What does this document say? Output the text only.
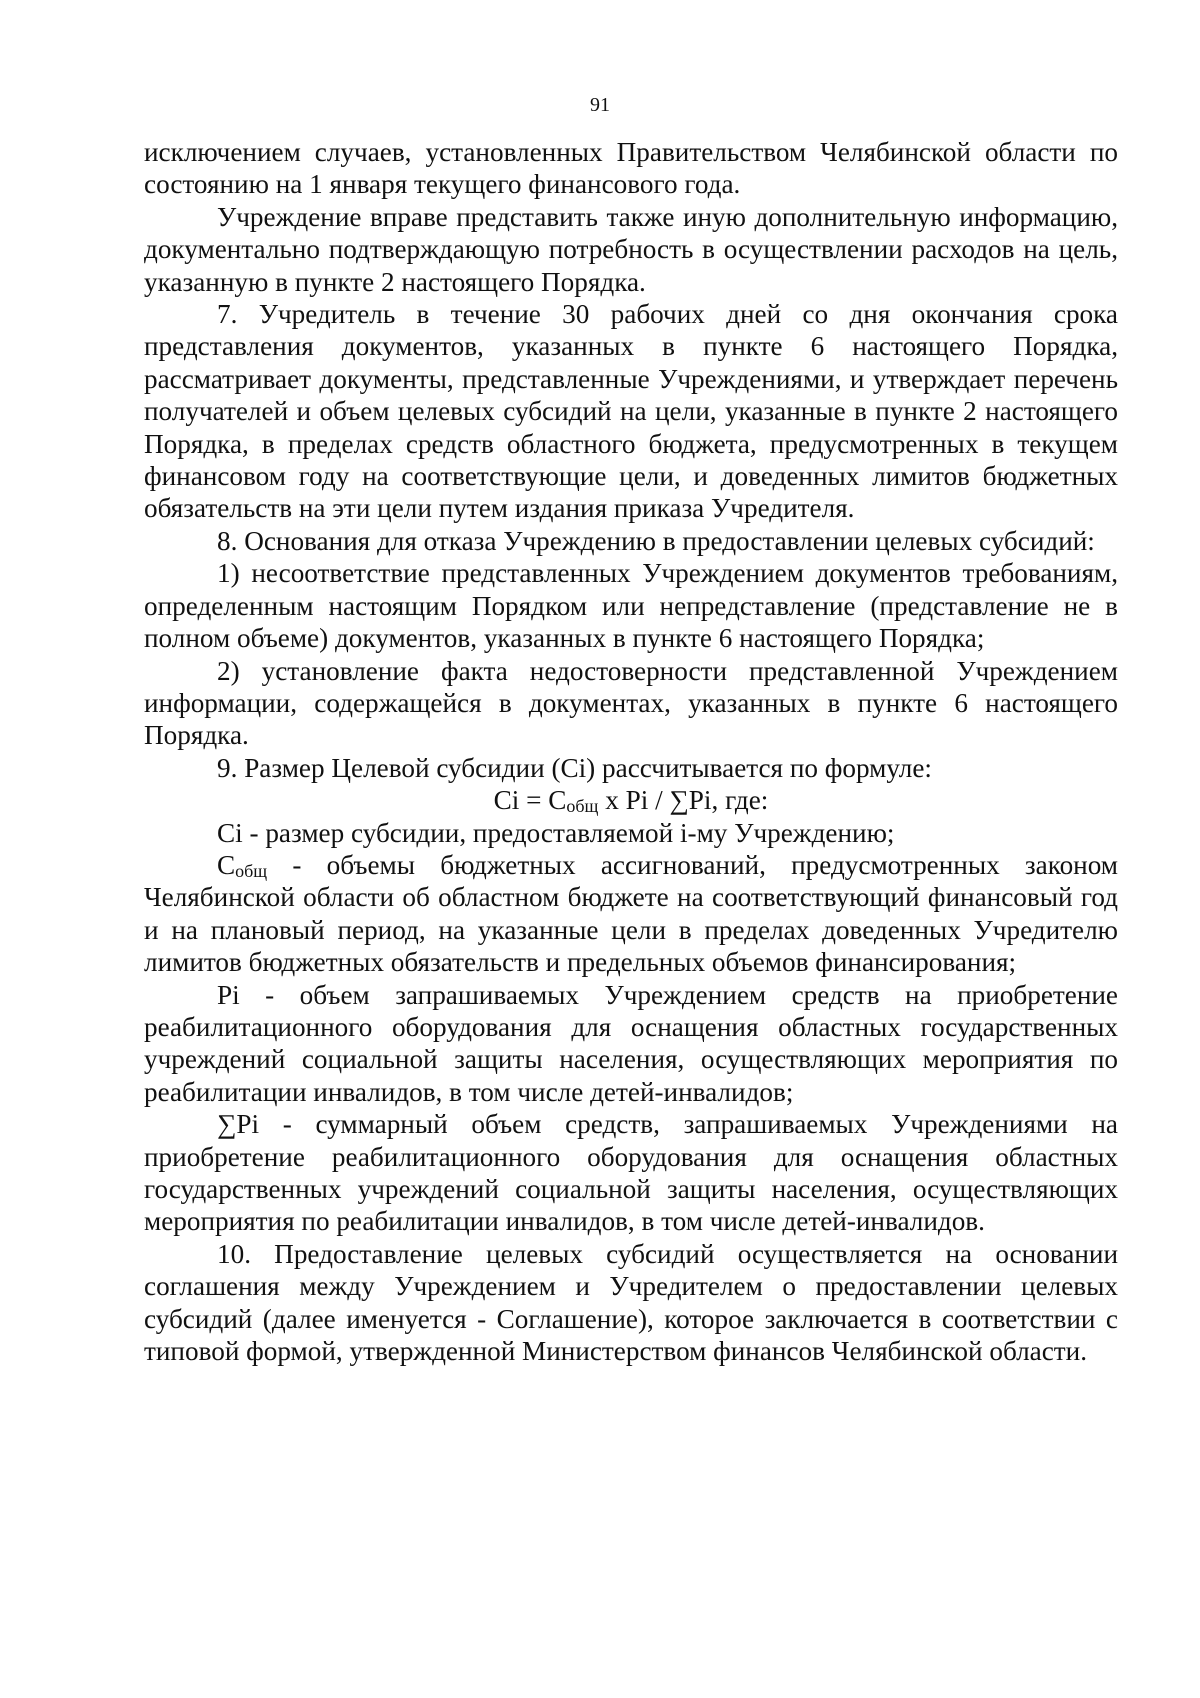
91

исключением случаев, установленных Правительством Челябинской области по состоянию на 1 января текущего финансового года.

Учреждение вправе представить также иную дополнительную информацию, документально подтверждающую потребность в осуществлении расходов на цель, указанную в пункте 2 настоящего Порядка.

7. Учредитель в течение 30 рабочих дней со дня окончания срока представления документов, указанных в пункте 6 настоящего Порядка, рассматривает документы, представленные Учреждениями, и утверждает перечень получателей и объем целевых субсидий на цели, указанные в пункте 2 настоящего Порядка, в пределах средств областного бюджета, предусмотренных в текущем финансовом году на соответствующие цели, и доведенных лимитов бюджетных обязательств на эти цели путем издания приказа Учредителя.

8. Основания для отказа Учреждению в предоставлении целевых субсидий:

1) несоответствие представленных Учреждением документов требованиям, определенным настоящим Порядком или непредставление (представление не в полном объеме) документов, указанных в пункте 6 настоящего Порядка;

2) установление факта недостоверности представленной Учреждением информации, содержащейся в документах, указанных в пункте 6 настоящего Порядка.

9. Размер Целевой субсидии (Ci) рассчитывается по формуле:

$Ci = C_{общ}$ x Pi / ∑Pi, где:

Ci - размер субсидии, предоставляемой i-му Учреждению;

$C_{общ}$ - объемы бюджетных ассигнований, предусмотренных законом Челябинской области об областном бюджете на соответствующий финансовый год и на плановый период, на указанные цели в пределах доведенных Учредителю лимитов бюджетных обязательств и предельных объемов финансирования;

Pi - объем запрашиваемых Учреждением средств на приобретение реабилитационного оборудования для оснащения областных государственных учреждений социальной защиты населения, осуществляющих мероприятия по реабилитации инвалидов, в том числе детей-инвалидов;

∑Pi - суммарный объем средств, запрашиваемых Учреждениями на приобретение реабилитационного оборудования для оснащения областных государственных учреждений социальной защиты населения, осуществляющих мероприятия по реабилитации инвалидов, в том числе детей-инвалидов.

10. Предоставление целевых субсидий осуществляется на основании соглашения между Учреждением и Учредителем о предоставлении целевых субсидий (далее именуется - Соглашение), которое заключается в соответствии с типовой формой, утвержденной Министерством финансов Челябинской области.
